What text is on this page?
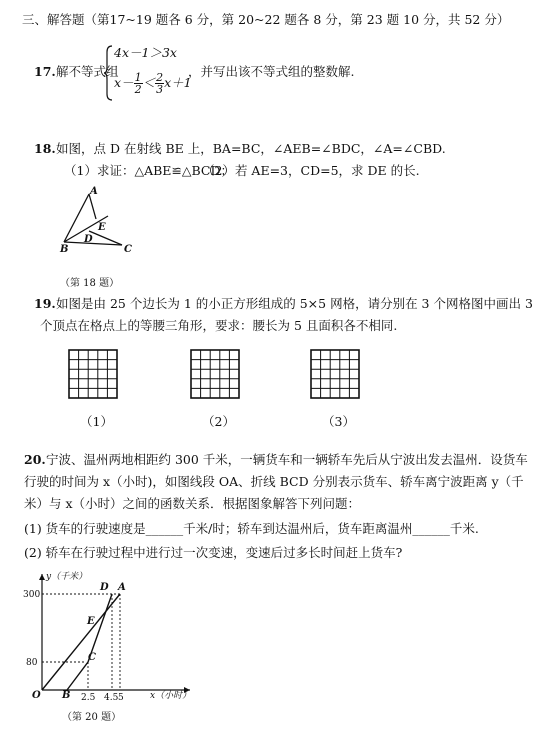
三、解答题（第17~19 题各 6 分，第 20~22 题各 8 分，第 23 题 10 分，共 52 分）
17. 解不等式组
4x－1＞3x
$x- \frac{1}{2} < \frac{2}{3} x+1$
，并写出该不等式组的整数解.
18. 如图，点 D 在射线 BE 上，BA=BC，∠AEB=∠BDC，∠A=∠CBD.
（1）求证：△ABE≌△BCD；
（2）若 AE=3，CD=5，求 DE 的长.
A
E
D
B	C
（第 18 题）
19. 如图是由 25 个边长为 1 的小正方形组成的 5×5 网格，请分别在 3 个网格图中画出 3
个顶点在格点上的等腰三角形，要求：腰长为 5 且面积各不相同.
（1）	（2）	（3）
20. 宁波、温州两地相距约 300 千米，一辆货车和一辆轿车先后从宁波出发去温州．设货车
行驶的时间为 x（小时)，如图线段 OA、折线 BCD 分别表示货车、轿车离宁波距离 y（千
米）与 x（小时）之间的函数关系．根据图象解答下列问题：
(1) 货车的行驶速度是______千米/时；轿车到达温州后，货车距离温州______千米.
(2) 轿车在行驶过程中进行过一次变速，变速后过多长时间赶上货车?
300
80
2.5 4.5 5
y（千米）
x（小时）
O
D A
E
C
B
（第 20 题）
